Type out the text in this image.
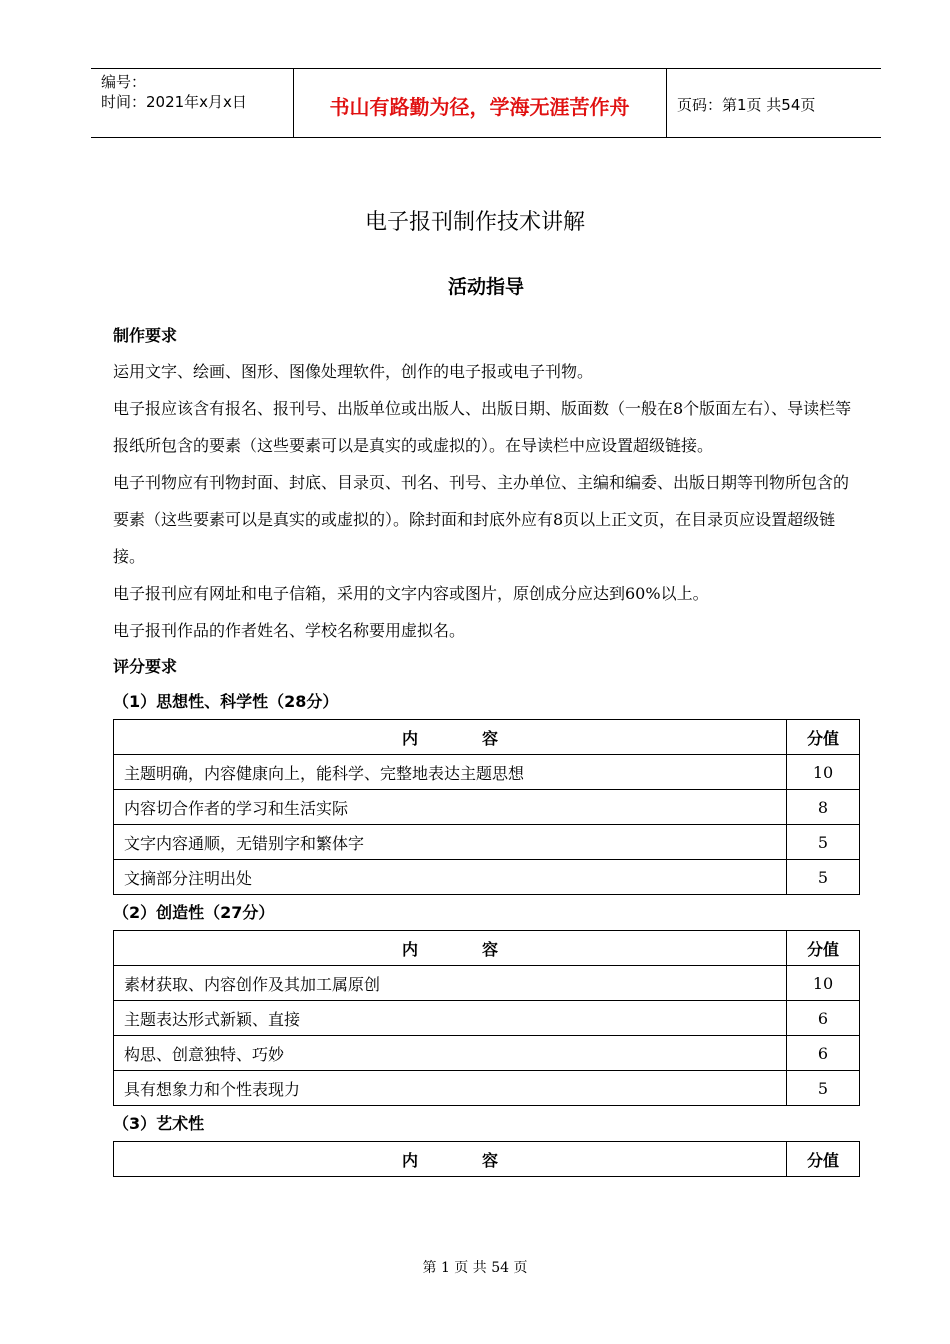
编号：
时间：2021年x月x日	书山有路勤为径，学海无涯苦作舟	页码：第1页 共54页
电子报刊制作技术讲解
活动指导
制作要求

运用文字、绘画、图形、图像处理软件，创作的电子报或电子刊物。

电子报应该含有报名、报刊号、出版单位或出版人、出版日期、版面数（一般在8个版面左右）、导读栏等报纸所包含的要素（这些要素可以是真实的或虚拟的）。在导读栏中应设置超级链接。

电子刊物应有刊物封面、封底、目录页、刊名、刊号、主办单位、主编和编委、出版日期等刊物所包含的要素（这些要素可以是真实的或虚拟的）。除封面和封底外应有8页以上正文页，在目录页应设置超级链接。

电子报刊应有网址和电子信箱，采用的文字内容或图片，原创成分应达到60%以上。

电子报刊作品的作者姓名、学校名称要用虚拟名。

评分要求
（1）思想性、科学性（28分）
内　　　　容	分值
主题明确，内容健康向上，能科学、完整地表达主题思想	10
内容切合作者的学习和生活实际	8
文字内容通顺，无错别字和繁体字	5
文摘部分注明出处	5
（2）创造性（27分）
内　　　　容	分值
素材获取、内容创作及其加工属原创	10
主题表达形式新颖、直接	6
构思、创意独特、巧妙	6
具有想象力和个性表现力	5
（3）艺术性
内　　　　容	分值
第 1 页 共 54 页
